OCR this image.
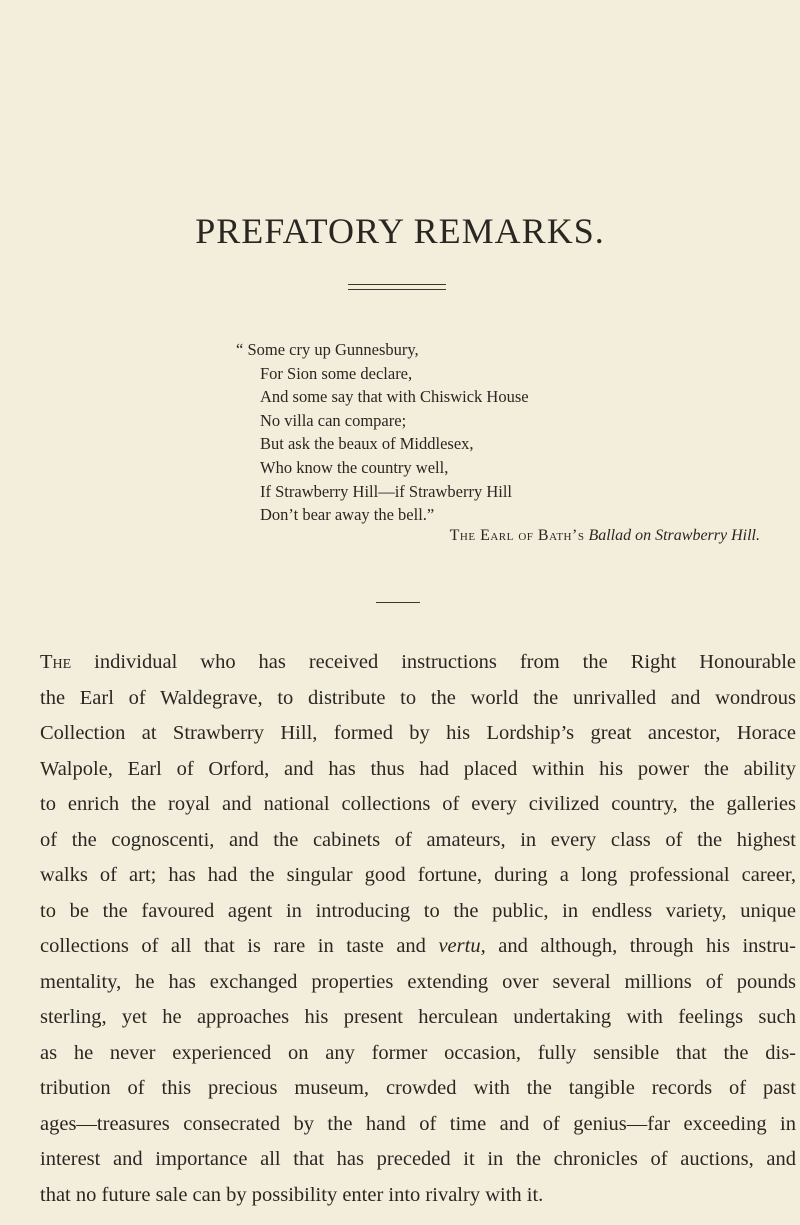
PREFATORY REMARKS.
“ Some cry up Gunnesbury,
For Sion some declare,
And some say that with Chiswick House
No villa can compare;
But ask the beaux of Middlesex,
Who know the country well,
If Strawberry Hill—if Strawberry Hill
Don’t bear away the bell.”
The Earl of Bath’s Ballad on Strawberry Hill.
The individual who has received instructions from the Right Honourable
the Earl of Waldegrave, to distribute to the world the unrivalled and wondrous
Collection at Strawberry Hill, formed by his Lordship’s great ancestor, Horace
Walpole, Earl of Orford, and has thus had placed within his power the ability
to enrich the royal and national collections of every civilized country, the galleries
of the cognoscenti, and the cabinets of amateurs, in every class of the highest
walks of art; has had the singular good fortune, during a long professional career,
to be the favoured agent in introducing to the public, in endless variety, unique
collections of all that is rare in taste and vertu, and although, through his instru-
mentality, he has exchanged properties extending over several millions of pounds
sterling, yet he approaches his present herculean undertaking with feelings such
as he never experienced on any former occasion, fully sensible that the dis-
tribution of this precious museum, crowded with the tangible records of past
ages—treasures consecrated by the hand of time and of genius—far exceeding in
interest and importance all that has preceded it in the chronicles of auctions, and
that no future sale can by possibility enter into rivalry with it.
